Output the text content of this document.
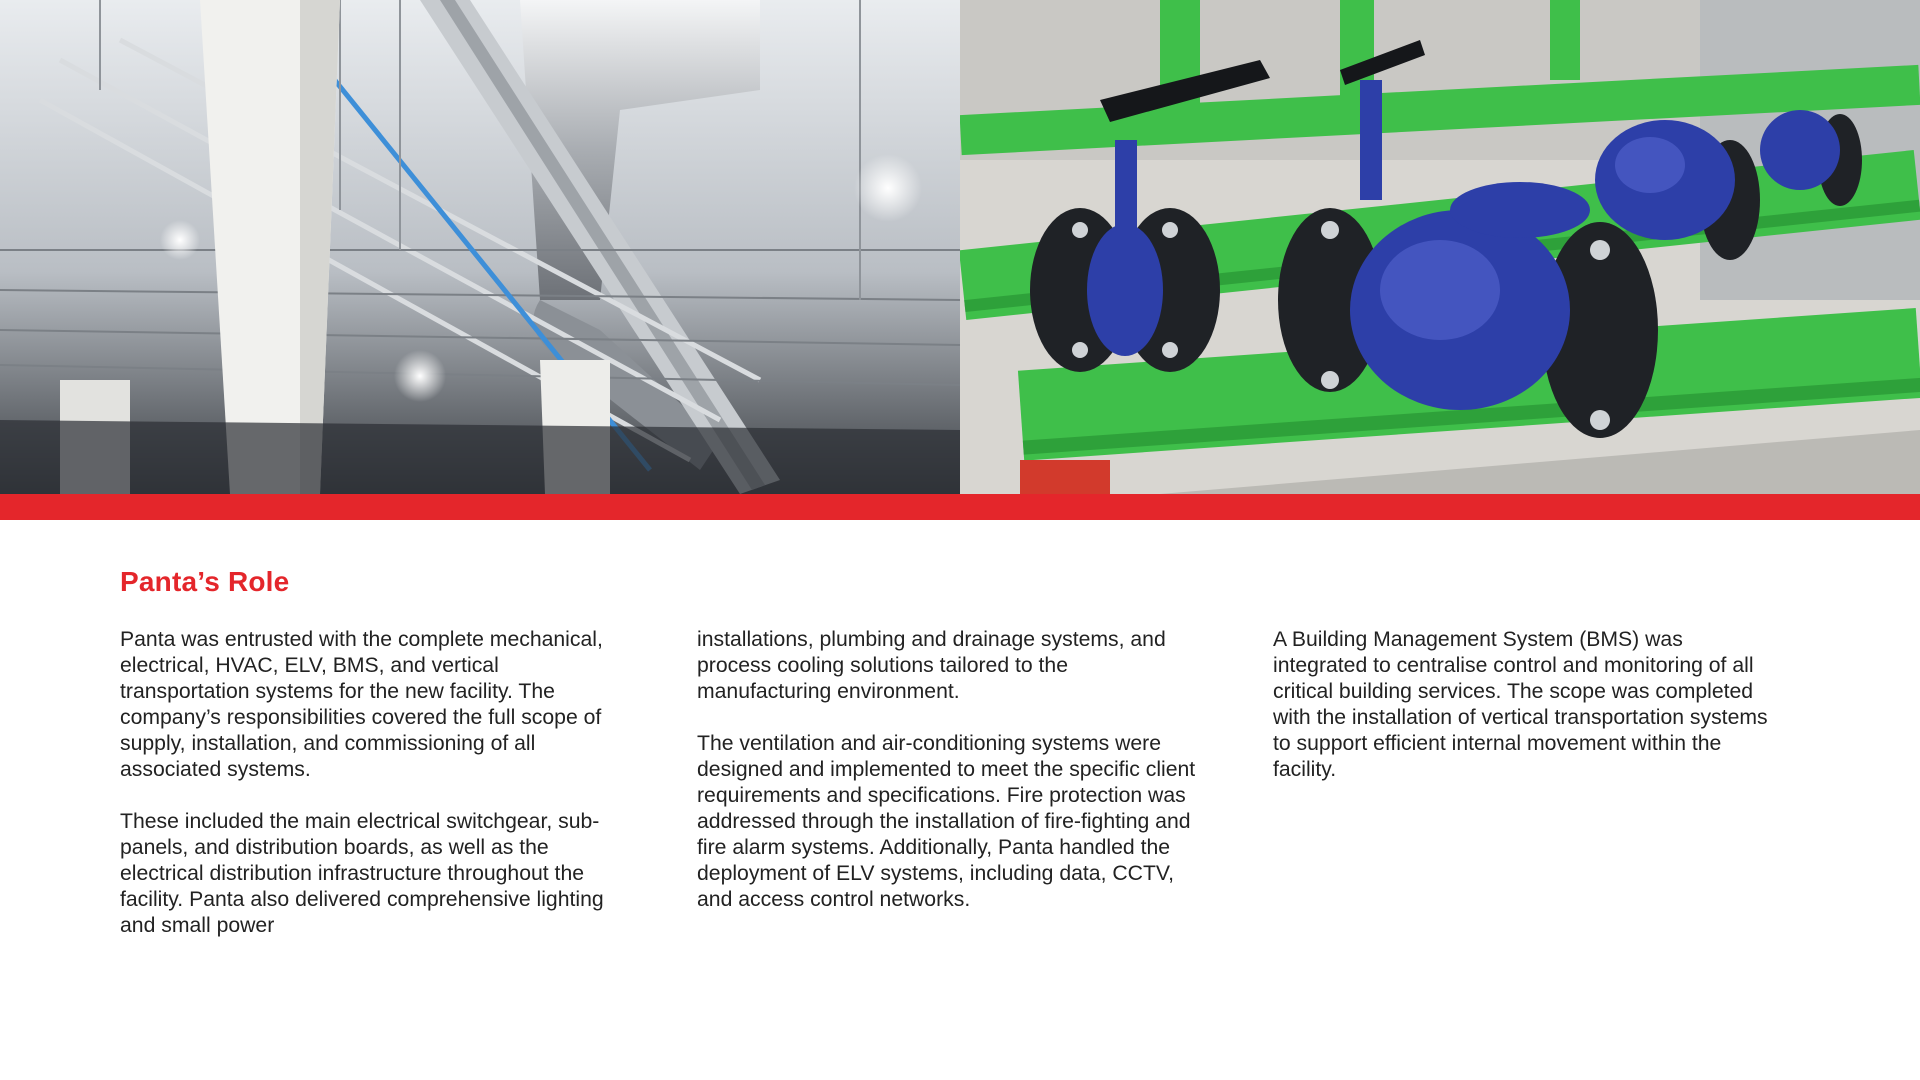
Panta’s Role

Panta was entrusted with the complete mechanical, electrical, HVAC, ELV, BMS, and vertical transportation systems for the new facility. The company’s responsibilities covered the full scope of supply, installation, and commissioning of all associated systems.

These included the main electrical switchgear, sub-panels, and distribution boards, as well as the electrical distribution infrastructure throughout the facility. Panta also delivered comprehensive lighting and small power

installations, plumbing and drainage systems, and process cooling solutions tailored to the manufacturing environment.

The ventilation and air-conditioning systems were designed and implemented to meet the specific client requirements and specifications. Fire protection was addressed through the installation of fire-fighting and fire alarm systems. Additionally, Panta handled the deployment of ELV systems, including data, CCTV, and access control networks.

A Building Management System (BMS) was integrated to centralise control and monitoring of all critical building services. The scope was completed with the installation of vertical transportation systems to support efficient internal movement within the facility.
